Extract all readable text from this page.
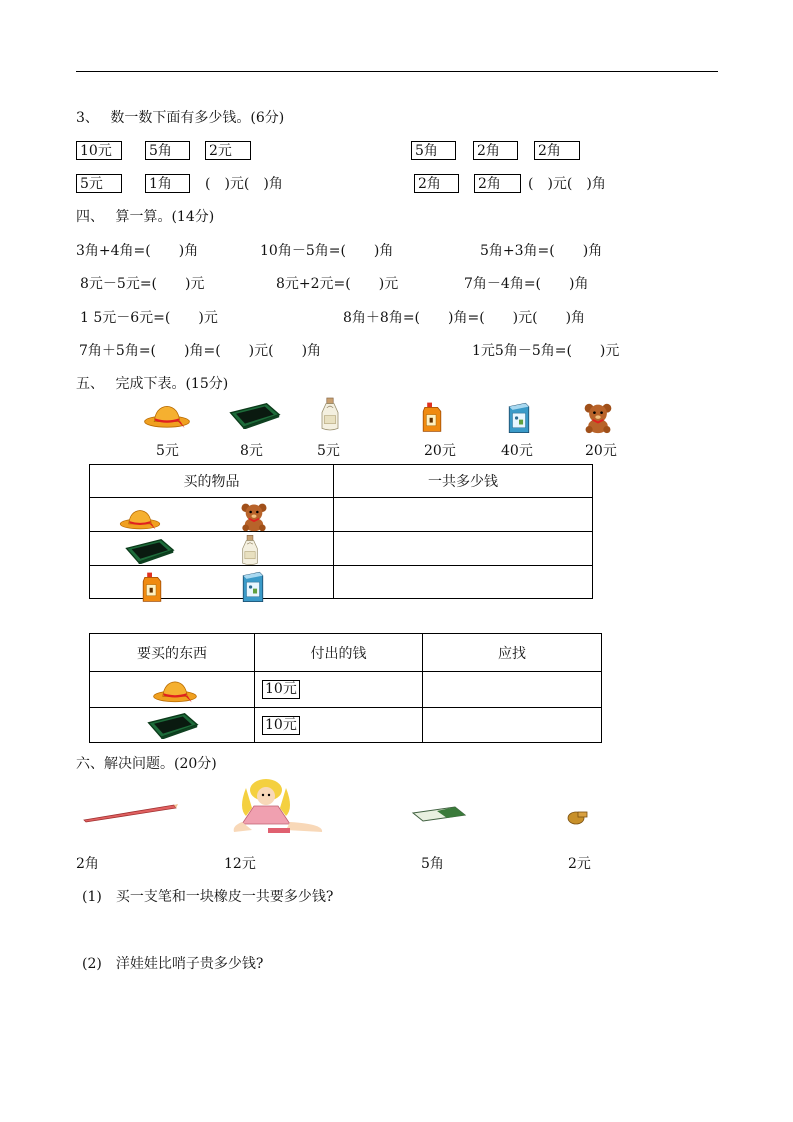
3、　 数一数下面有多少钱。(6分)
10元	5角	2元	5角	2角	2角
5元	1角	(　)元(　)角	2角	2角	(　)元(　)角
四、　 算一算。(14分)
3角+4角=(　　)角	10角－5角=(　　)角	5角+3角=(　　)角
8元－5元=(　　)元	8元+2元=(　　)元	7角－4角=(　　)角
1 5元－6元=(　　)元	8角＋8角=(　　)角=(　　)元(　　)角
7角＋5角=(　　)角=(　　)元(　　)角	1元5角－5角=(　　)元
五、　 完成下表。(15分)
5元	8元	5元	20元	40元	20元
买的物品	一共多少钱

要买的东西	付出的钱	应找

	10元	

	10元	
六、解决问题。(20分)
2角	12元	5角	2元
(1)　买一支笔和一块橡皮一共要多少钱?
(2)　洋娃娃比哨子贵多少钱?
